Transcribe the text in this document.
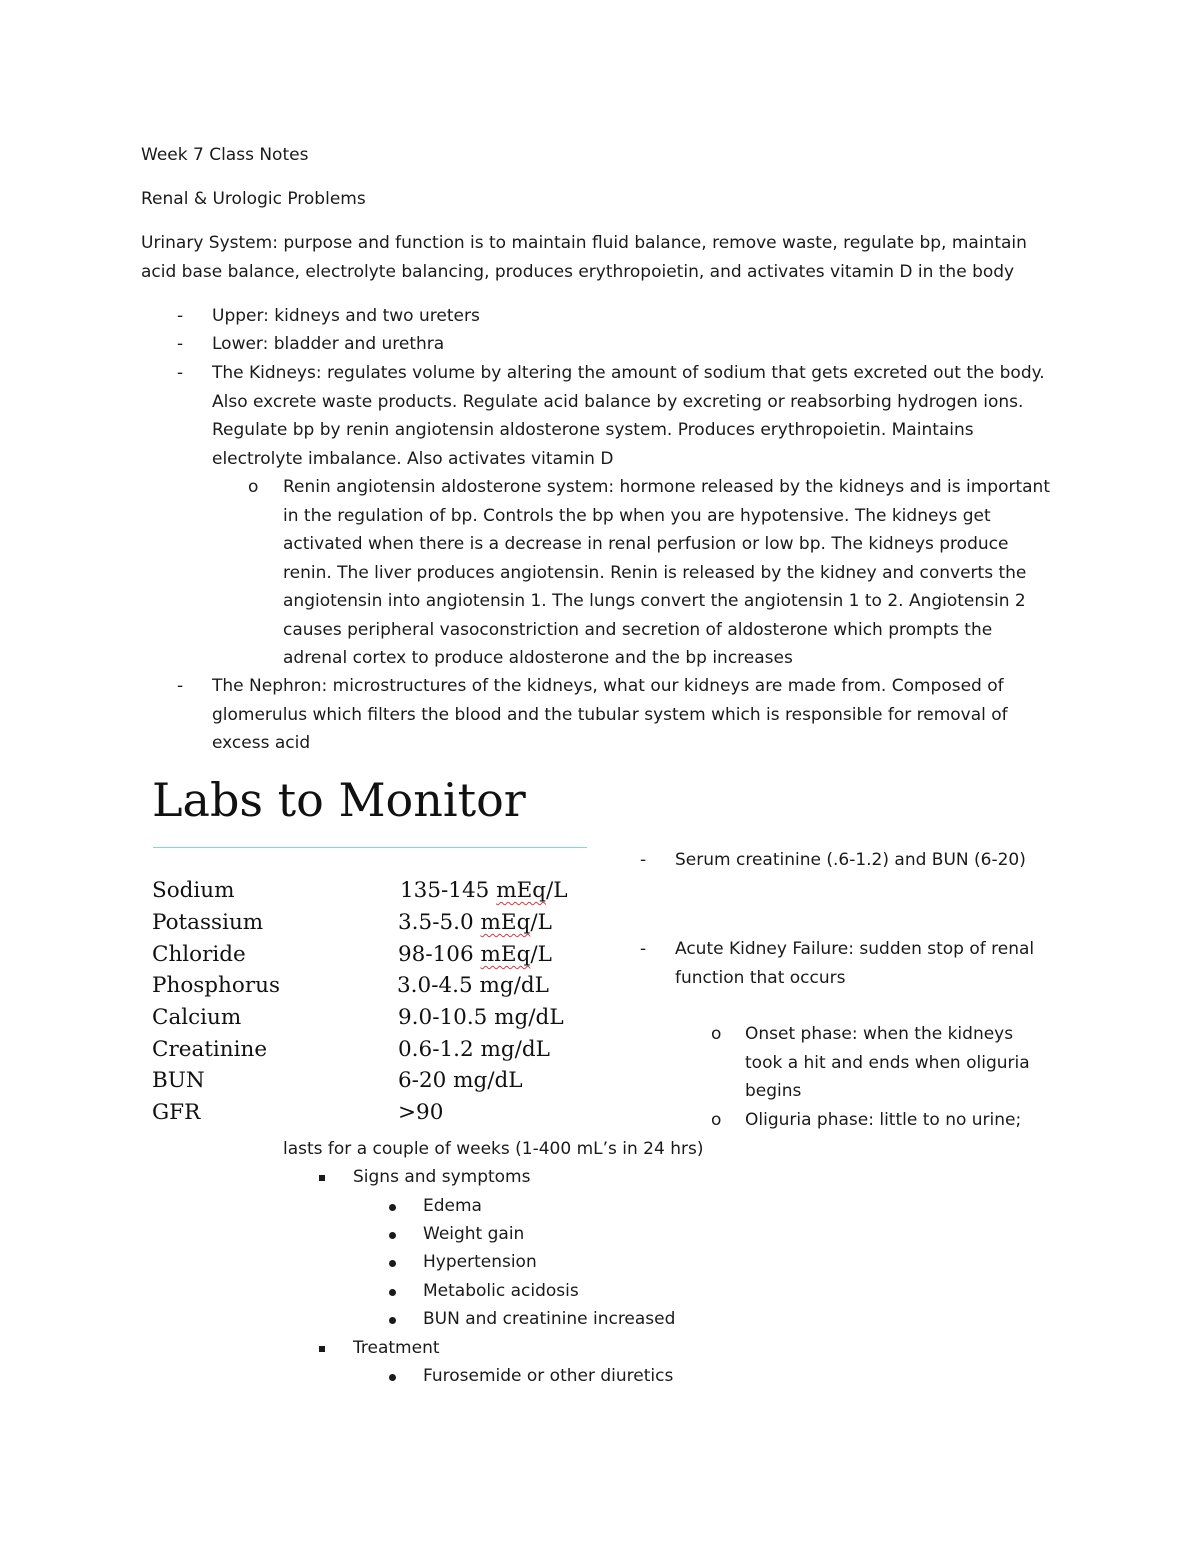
Week 7 Class Notes
Renal & Urologic Problems
Urinary System: purpose and function is to maintain fluid balance, remove waste, regulate bp, maintain acid base balance, electrolyte balancing, produces erythropoietin, and activates vitamin D in the body
- Upper: kidneys and two ureters
- Lower: bladder and urethra
- The Kidneys: regulates volume by altering the amount of sodium that gets excreted out the body. Also excrete waste products. Regulate acid balance by excreting or reabsorbing hydrogen ions. Regulate bp by renin angiotensin aldosterone system. Produces erythropoietin. Maintains electrolyte imbalance. Also activates vitamin D
o Renin angiotensin aldosterone system: hormone released by the kidneys and is important in the regulation of bp. Controls the bp when you are hypotensive. The kidneys get activated when there is a decrease in renal perfusion or low bp. The kidneys produce renin. The liver produces angiotensin. Renin is released by the kidney and converts the angiotensin into angiotensin 1. The lungs convert the angiotensin 1 to 2. Angiotensin 2 causes peripheral vasoconstriction and secretion of aldosterone which prompts the adrenal cortex to produce aldosterone and the bp increases
- The Nephron: microstructures of the kidneys, what our kidneys are made from. Composed of glomerulus which filters the blood and the tubular system which is responsible for removal of excess acid
Labs to Monitor
Sodium	135-145 mEq/L
Potassium	3.5-5.0 mEq/L
Chloride	98-106 mEq/L
Phosphorus	3.0-4.5 mg/dL
Calcium	9.0-10.5 mg/dL
Creatinine	0.6-1.2 mg/dL
BUN	6-20 mg/dL
GFR	>90
- Serum creatinine (.6-1.2) and BUN (6-20)
- Acute Kidney Failure: sudden stop of renal function that occurs
o Onset phase: when the kidneys took a hit and ends when oliguria begins
o Oliguria phase: little to no urine;
lasts for a couple of weeks (1-400 mL’s in 24 hrs)
Signs and symptoms
Edema
Weight gain
Hypertension
Metabolic acidosis
BUN and creatinine increased
Treatment
Furosemide or other diuretics
